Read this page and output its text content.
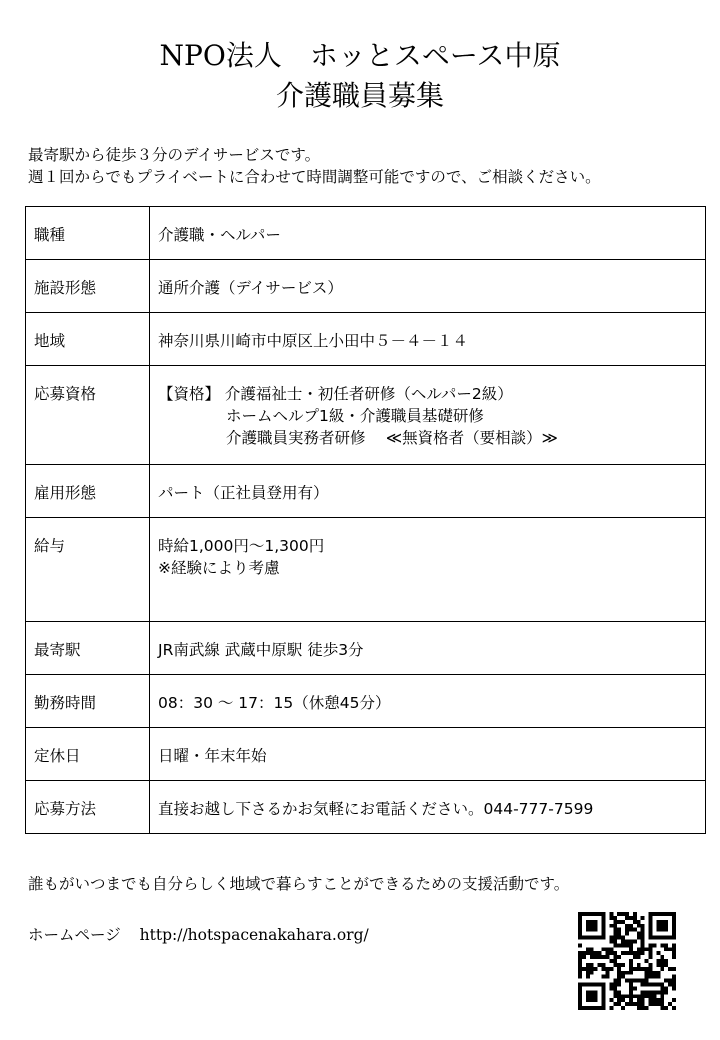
NPO法人　ホッとスペース中原
介護職員募集
最寄駅から徒歩３分のデイサービスです。
週１回からでもプライベートに合わせて時間調整可能ですので、ご相談ください。
職種	介護職・ヘルパー
施設形態	通所介護（デイサービス）
地域	神奈川県川崎市中原区上小田中５－４－１４
応募資格	【資格】 介護福祉士・初任者研修（ヘルパー2級）
ホームヘルプ1級・介護職員基礎研修
介護職員実務者研修　 ≪無資格者（要相談）≫

雇用形態	パート（正社員登用有）
給与	時給1,000円～1,300円
※経験により考慮

最寄駅	JR南武線 武蔵中原駅 徒歩3分
勤務時間	08：30 ～ 17：15（休憩45分）
定休日	日曜・年末年始
応募方法	直接お越し下さるかお気軽にお電話ください。044-777-7599
誰もがいつまでも自分らしく地域で暮らすことができるための支援活動です。
ホームページ http://hotspacenakahara.org/
